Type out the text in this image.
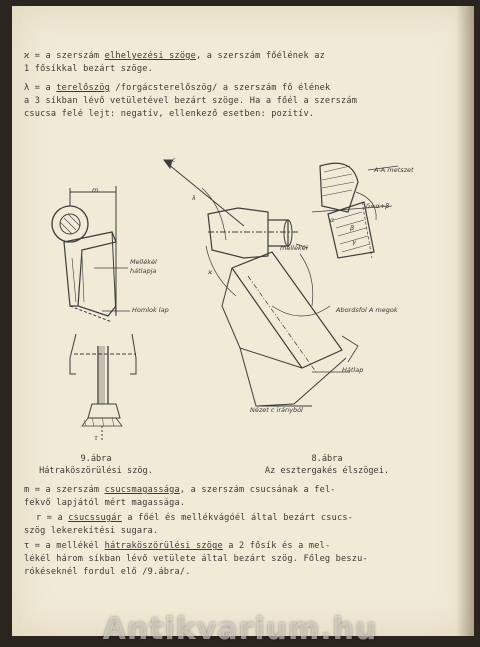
ϰ = a szerszám elhelyezési szöge, a szerszám főélének az

1 fősíkkal bezárt szöge.

λ = a terelőszög /forgácsterelőszög/ a szerszám fő élének

a 3 síkban lévő vetületével bezárt szöge. Ha a főél a szerszám

csucsa felé lejt: negatív, ellenkező esetben: pozitív.

m
Mellékél
hátlapja
Homlok lap
τ
A-A metszet
c
mellékél
Abordsfol A megok
Hátlap
Nézet c irányból
λ
α
β
γ
ϰ
δ=α+β
9.ábra
Hátraköszörülési szög.
8.ábra
Az esztergakés élszögei.

m = a szerszám csucsmagassága, a szerszám csucsának a fel-

fekvő lapjától mért magassága.

r = a csucssugár a főél és mellékvágóél által bezárt csucs-

szög lekerekítési sugara.

τ = a mellékél hátraköszörülési szöge a 2 fősík és a mel-

lékél három síkban lévő vetülete által bezárt szög. Főleg beszu-

rókéseknél fordul elő /9.ábra/.

Antikvarium.hu
